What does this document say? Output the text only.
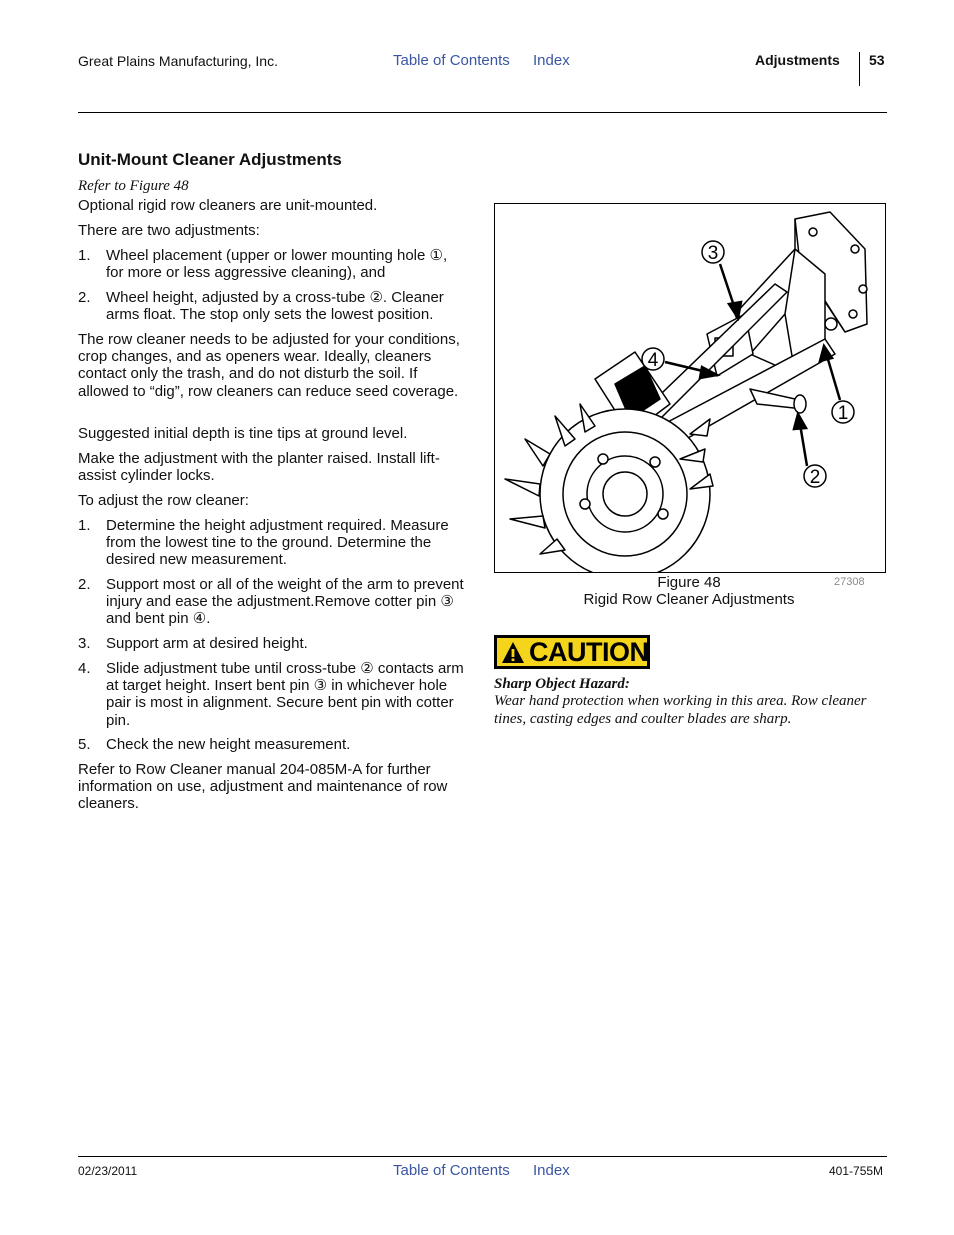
Great Plains Manufacturing, Inc.	Table of Contents Index	Adjustments 53
Unit-Mount Cleaner Adjustments
Refer to Figure 48
Optional rigid row cleaners are unit-mounted.
There are two adjustments:
1. Wheel placement (upper or lower mounting hole ①, for more or less aggressive cleaning), and
2. Wheel height, adjusted by a cross-tube ②. Cleaner arms float. The stop only sets the lowest position.
The row cleaner needs to be adjusted for your conditions, crop changes, and as openers wear. Ideally, cleaners contact only the trash, and do not disturb the soil. If allowed to “dig”, row cleaners can reduce seed coverage.
Suggested initial depth is tine tips at ground level.
Make the adjustment with the planter raised. Install lift-assist cylinder locks.
To adjust the row cleaner:
1. Determine the height adjustment required. Measure from the lowest tine to the ground. Determine the desired new measurement.
2. Support most or all of the weight of the arm to prevent injury and ease the adjustment.Remove cotter pin ③ and bent pin ④.
3. Support arm at desired height.
4. Slide adjustment tube until cross-tube ② contacts arm at target height. Insert bent pin ③ in whichever hole pair is most in alignment. Secure bent pin with cotter pin.
5. Check the new height measurement.
Refer to Row Cleaner manual 204-085M-A for further information on use, adjustment and maintenance of row cleaners.
3
4
1
2
Figure 48
Rigid Row Cleaner Adjustments
27308
CAUTION
Sharp Object Hazard:
Wear hand protection when working in this area. Row cleaner tines, casting edges and coulter blades are sharp.
02/23/2011	Table of Contents Index	401-755M
